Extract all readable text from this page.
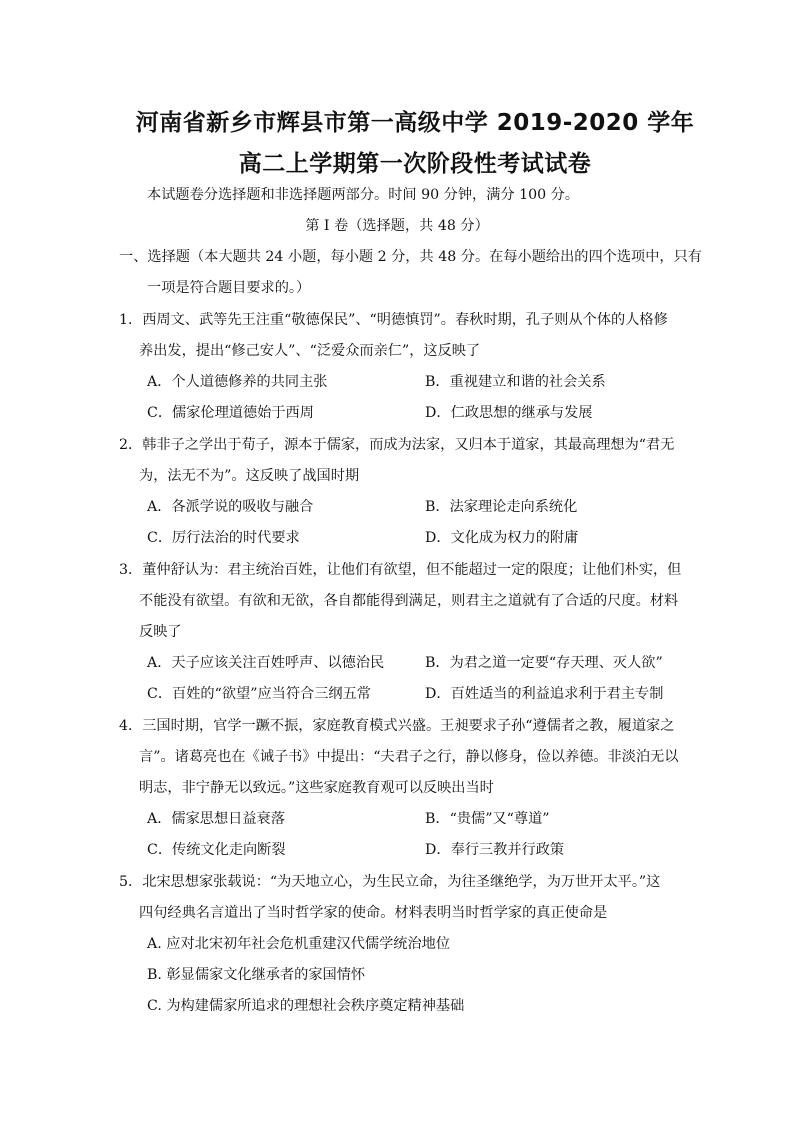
河南省新乡市辉县市第一高级中学 2019-2020 学年
高二上学期第一次阶段性考试试卷
本试题卷分选择题和非选择题两部分。时间 90 分钟，满分 100 分。
第 I 卷（选择题，共 48 分）
一、选择题（本大题共 24 小题，每小题 2 分，共 48 分。在每小题给出的四个选项中，只有
一项是符合题目要求的。）
1．西周文、武等先王注重“敬德保民”、“明德慎罚”。春秋时期，孔子则从个体的人格修
养出发，提出“修己安人”、“泛爱众而亲仁”，这反映了
A．个人道德修养的共同主张	B．重视建立和谐的社会关系
C．儒家伦理道德始于西周	D．仁政思想的继承与发展
2．韩非子之学出于荀子，源本于儒家，而成为法家，又归本于道家，其最高理想为“君无
为，法无不为”。这反映了战国时期
A．各派学说的吸收与融合	B．法家理论走向系统化
C．厉行法治的时代要求	D．文化成为权力的附庸
3．董仲舒认为：君主统治百姓，让他们有欲望，但不能超过一定的限度；让他们朴实，但
不能没有欲望。有欲和无欲，各自都能得到满足，则君主之道就有了合适的尺度。材料
反映了
A．天子应该关注百姓呼声、以德治民	B．为君之道一定要“存天理、灭人欲”
C．百姓的“欲望”应当符合三纲五常	D．百姓适当的利益追求利于君主专制
4．三国时期，官学一蹶不振，家庭教育模式兴盛。王昶要求子孙“遵儒者之教，履道家之
言”。诸葛亮也在《诫子书》中提出：“夫君子之行，静以修身，俭以养德。非淡泊无以
明志，非宁静无以致远。”这些家庭教育观可以反映出当时
A．儒家思想日益衰落	B．“贵儒”又“尊道”
C．传统文化走向断裂	D．奉行三教并行政策
5．北宋思想家张载说：“为天地立心，为生民立命，为往圣继绝学，为万世开太平。”这
四句经典名言道出了当时哲学家的使命。材料表明当时哲学家的真正使命是
A. 应对北宋初年社会危机重建汉代儒学统治地位
B. 彰显儒家文化继承者的家国情怀
C. 为构建儒家所追求的理想社会秩序奠定精神基础
